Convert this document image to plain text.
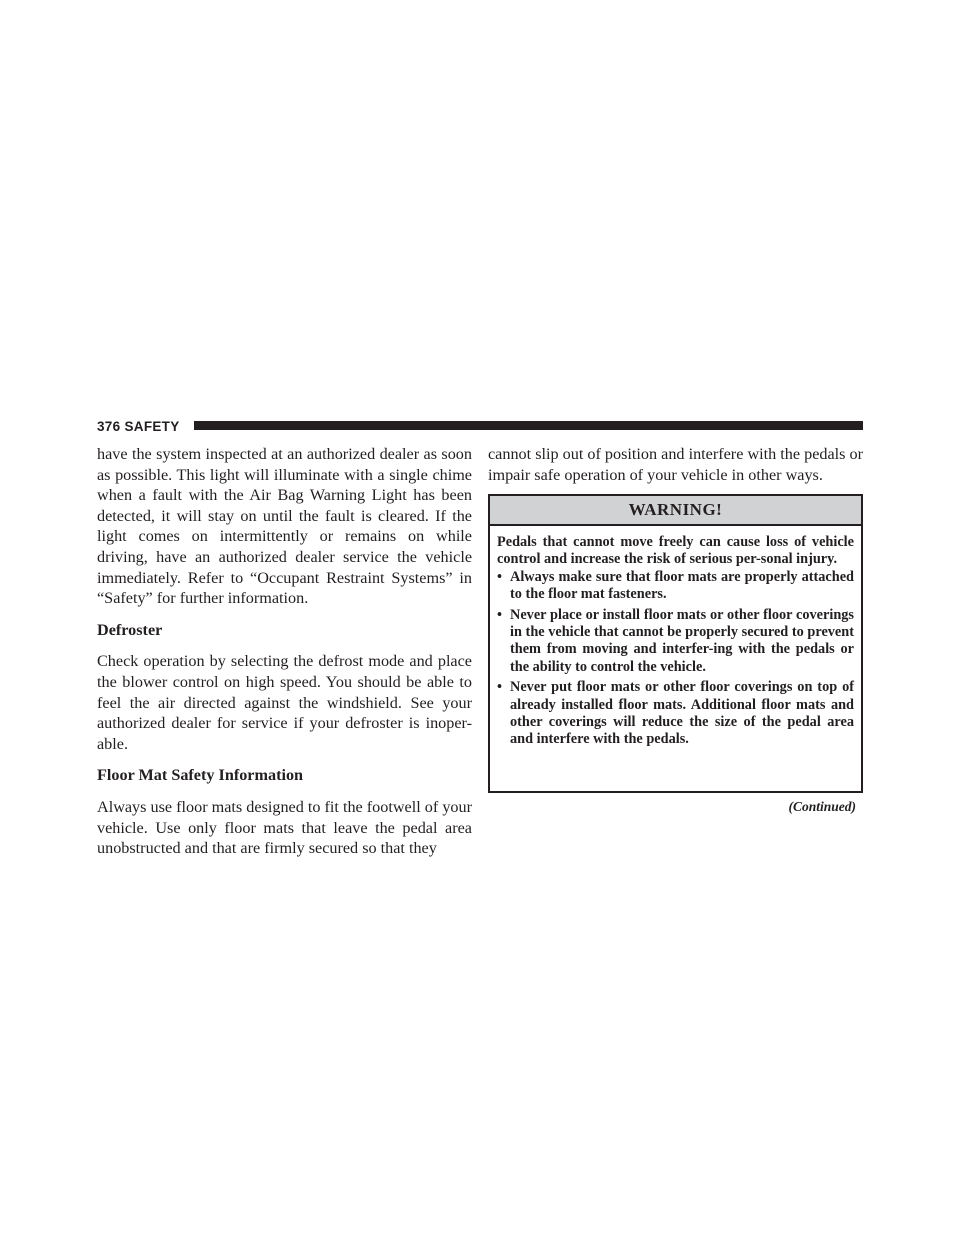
376 SAFETY

have the system inspected at an authorized dealer as soon as possible. This light will illuminate with a single chime when a fault with the Air Bag Warning Light has been detected, it will stay on until the fault is cleared. If the light comes on intermittently or remains on while driving, have an authorized dealer service the vehicle immediately. Refer to “Occupant Restraint Systems” in “Safety” for further information.

Defroster

Check operation by selecting the defrost mode and place the blower control on high speed. You should be able to feel the air directed against the windshield. See your authorized dealer for service if your defroster is inoper-able.

Floor Mat Safety Information

Always use floor mats designed to fit the footwell of your vehicle. Use only floor mats that leave the pedal area unobstructed and that are firmly secured so that they

cannot slip out of position and interfere with the pedals or impair safe operation of your vehicle in other ways.

WARNING!

Pedals that cannot move freely can cause loss of vehicle control and increase the risk of serious per-sonal injury.

• Always make sure that floor mats are properly attached to the floor mat fasteners.
• Never place or install floor mats or other floor coverings in the vehicle that cannot be properly secured to prevent them from moving and interfer-ing with the pedals or the ability to control the vehicle.
• Never put floor mats or other floor coverings on top of already installed floor mats. Additional floor mats and other coverings will reduce the size of the pedal area and interfere with the pedals.
(Continued)
